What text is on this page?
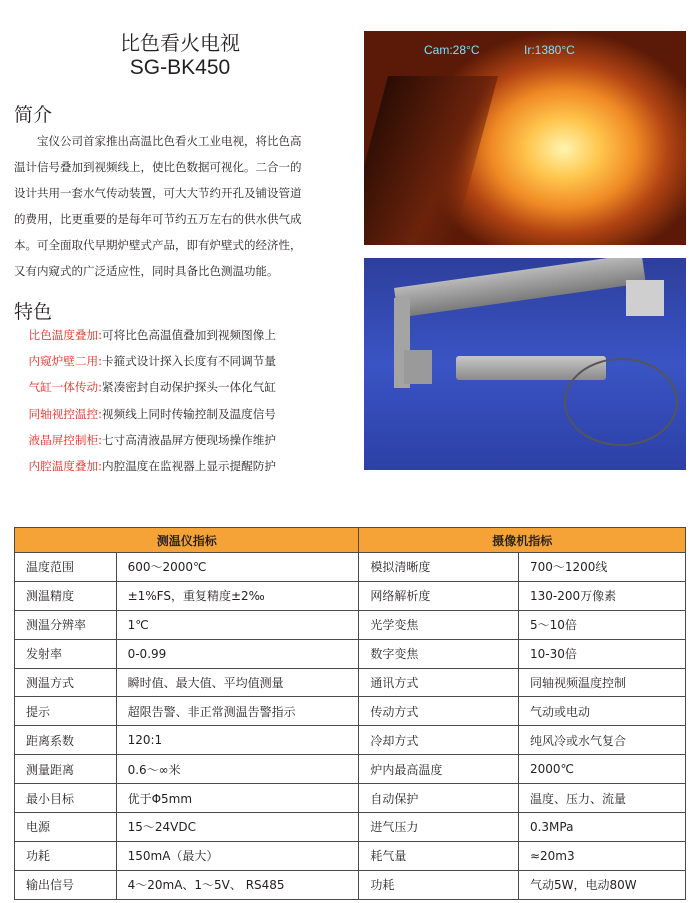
比色看火电视
SG-BK450
简介
宝仪公司首家推出高温比色看火工业电视，将比色高
温计信号叠加到视频线上，使比色数据可视化。二合一的
设计共用一套水气传动装置，可大大节约开孔及铺设管道
的费用，比更重要的是每年可节约五万左右的供水供气成
本。可全面取代早期炉壁式产品，即有炉壁式的经济性，
又有内窥式的广泛适应性，同时具备比色测温功能。
特色
比色温度叠加:可将比色高温值叠加到视频图像上
内窥炉壁二用:卡箍式设计探入长度有不同调节量
气缸一体传动:紧凑密封自动保护探头一体化气缸
同轴视控温控:视频线上同时传输控制及温度信号
液晶屏控制柜:七寸高清液晶屏方便现场操作维护
内腔温度叠加:内腔温度在监视器上显示提醒防护
Cam:28°C	Ir:1380°C
测温仪指标		摄像机指标	
温度范围	600～2000℃	模拟清晰度	700～1200线
测温精度	±1%FS，重复精度±2‰	网络解析度	130-200万像素
测温分辨率	1℃	光学变焦	5～10倍
发射率	0-0.99	数字变焦	10-30倍
测温方式	瞬时值、最大值、平均值测量	通讯方式	同轴视频温度控制
提示	超限告警、非正常测温告警指示	传动方式	气动或电动
距离系数	120:1	冷却方式	纯风冷或水气复合
测量距离	0.6～∞米	炉内最高温度	2000℃
最小目标	优于Φ5mm	自动保护	温度、压力、流量
电源	15～24VDC	进气压力	0.3MPa
功耗	150mA（最大）	耗气量	≈20m3
输出信号	4～20mA、1～5V、 RS485	功耗	气动5W，电动80W
